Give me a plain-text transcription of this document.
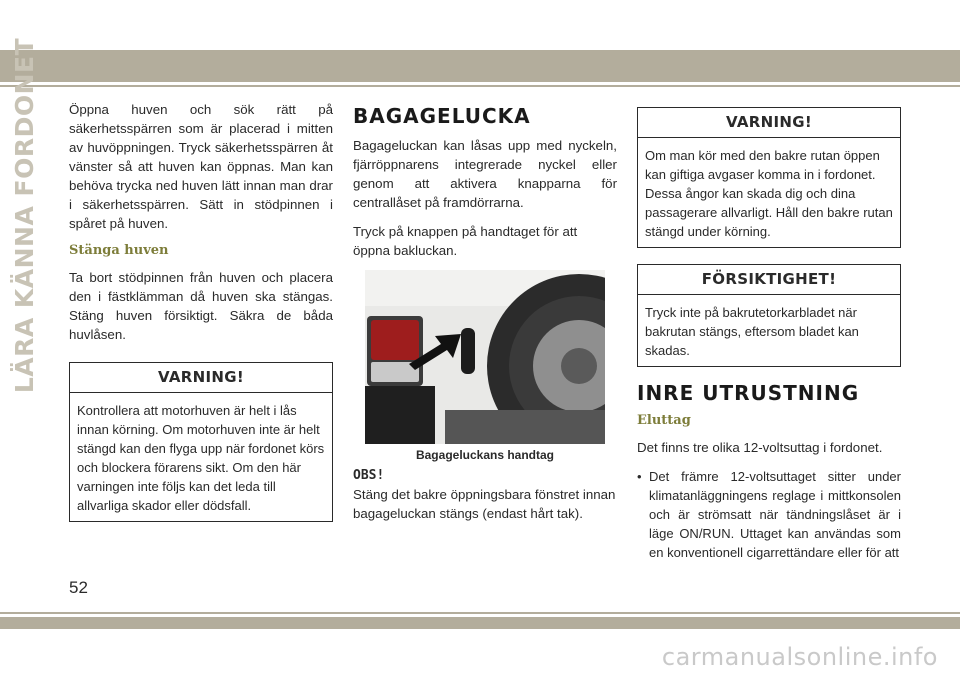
LÄRA KÄNNA FORDONET Öppna huven och sök rätt på säkerhetsspärren som är placerad i mitten av huvöppningen. Tryck säkerhetsspärren åt vänster så att huven kan öppnas. Man kan behöva trycka ned huven lätt innan man drar i säkerhetsspärren. Sätt in stödpinnen i spåret på huven.

Stänga huven

Ta bort stödpinnen från huven och placera den i fästklämman då huven ska stängas. Stäng huven försiktigt. Säkra de båda huvlåsen.

VARNING!
Kontrollera att motorhuven är helt i lås innan körning. Om motorhuven inte är helt stängd kan den flyga upp när fordonet körs och blockera förarens sikt. Om den här varningen inte följs kan det leda till allvarliga skador eller dödsfall.
BAGAGELUCKA

Bagageluckan kan låsas upp med nyckeln, fjärröppnarens integrerade nyckel eller genom att aktivera knapparna för centrallåset på framdörrarna.

Tryck på knappen på handtaget för att öppna bakluckan.

Bagageluckans handtag
OBS!

Stäng det bakre öppningsbara fönstret innan bagageluckan stängs (endast hårt tak).

VARNING!
Om man kör med den bakre rutan öppen kan giftiga avgaser komma in i fordonet. Dessa ångor kan skada dig och dina passagerare allvarligt. Håll den bakre rutan stängd under körning.
FÖRSIKTIGHET!
Tryck inte på bakrutetorkarbladet när bakrutan stängs, eftersom bladet kan skadas.
INRE UTRUSTNING
Eluttag

Det finns tre olika 12-voltsuttag i fordonet.

• Det främre 12-voltsuttaget sitter under klimatanläggningens reglage i mittkonsolen och är strömsatt när tändningslåset är i läge ON/RUN. Uttaget kan användas som en konventionell cigarrettändare eller för att
52
carmanualsonline.info
